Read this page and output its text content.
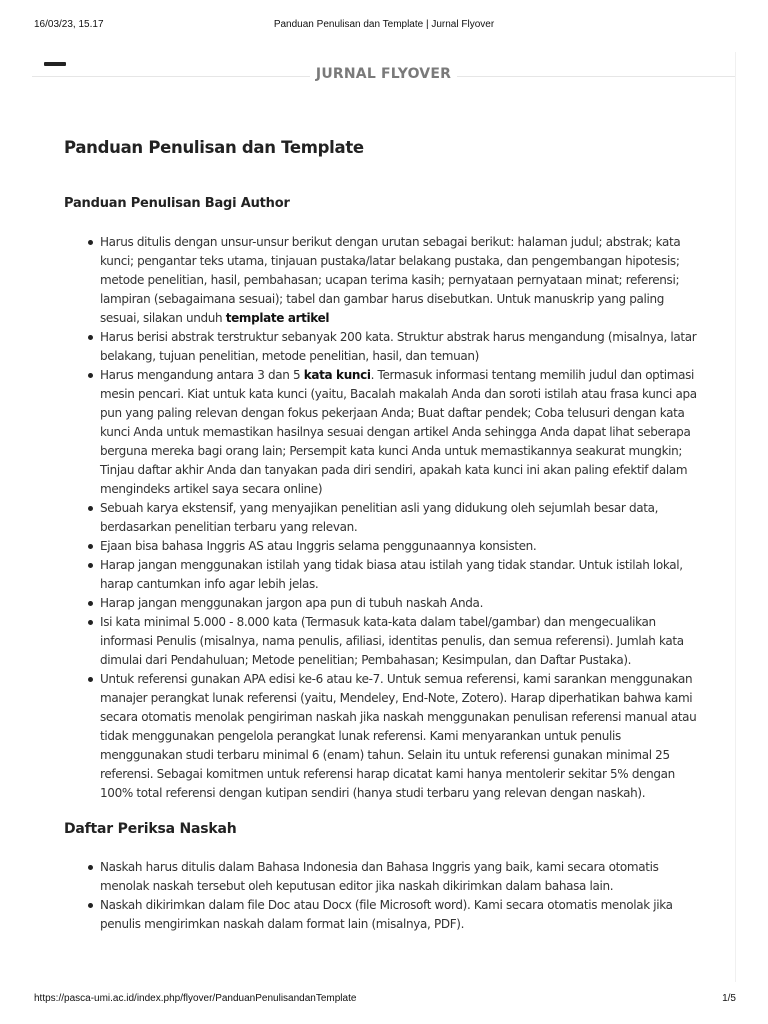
16/03/23, 15.17	Panduan Penulisan dan Template | Jurnal Flyover
JURNAL FLYOVER
Panduan Penulisan dan Template
Panduan Penulisan Bagi Author
Harus ditulis dengan unsur-unsur berikut dengan urutan sebagai berikut: halaman judul; abstrak; kata kunci; pengantar teks utama, tinjauan pustaka/latar belakang pustaka, dan pengembangan hipotesis; metode penelitian, hasil, pembahasan; ucapan terima kasih; pernyataan pernyataan minat; referensi; lampiran (sebagaimana sesuai); tabel dan gambar harus disebutkan. Untuk manuskrip yang paling sesuai, silakan unduh template artikel
Harus berisi abstrak terstruktur sebanyak 200 kata. Struktur abstrak harus mengandung (misalnya, latar belakang, tujuan penelitian, metode penelitian, hasil, dan temuan)
Harus mengandung antara 3 dan 5 kata kunci. Termasuk informasi tentang memilih judul dan optimasi mesin pencari. Kiat untuk kata kunci (yaitu, Bacalah makalah Anda dan soroti istilah atau frasa kunci apa pun yang paling relevan dengan fokus pekerjaan Anda; Buat daftar pendek; Coba telusuri dengan kata kunci Anda untuk memastikan hasilnya sesuai dengan artikel Anda sehingga Anda dapat lihat seberapa berguna mereka bagi orang lain; Persempit kata kunci Anda untuk memastikannya seakurat mungkin; Tinjau daftar akhir Anda dan tanyakan pada diri sendiri, apakah kata kunci ini akan paling efektif dalam mengindeks artikel saya secara online)
Sebuah karya ekstensif, yang menyajikan penelitian asli yang didukung oleh sejumlah besar data, berdasarkan penelitian terbaru yang relevan.
Ejaan bisa bahasa Inggris AS atau Inggris selama penggunaannya konsisten.
Harap jangan menggunakan istilah yang tidak biasa atau istilah yang tidak standar. Untuk istilah lokal, harap cantumkan info agar lebih jelas.
Harap jangan menggunakan jargon apa pun di tubuh naskah Anda.
Isi kata minimal 5.000 - 8.000 kata (Termasuk kata-kata dalam tabel/gambar) dan mengecualikan informasi Penulis (misalnya, nama penulis, afiliasi, identitas penulis, dan semua referensi). Jumlah kata dimulai dari Pendahuluan; Metode penelitian; Pembahasan; Kesimpulan, dan Daftar Pustaka).
Untuk referensi gunakan APA edisi ke-6 atau ke-7. Untuk semua referensi, kami sarankan menggunakan manajer perangkat lunak referensi (yaitu, Mendeley, End-Note, Zotero). Harap diperhatikan bahwa kami secara otomatis menolak pengiriman naskah jika naskah menggunakan penulisan referensi manual atau tidak menggunakan pengelola perangkat lunak referensi. Kami menyarankan untuk penulis menggunakan studi terbaru minimal 6 (enam) tahun. Selain itu untuk referensi gunakan minimal 25 referensi. Sebagai komitmen untuk referensi harap dicatat kami hanya mentolerir sekitar 5% dengan 100% total referensi dengan kutipan sendiri (hanya studi terbaru yang relevan dengan naskah).
Daftar Periksa Naskah
Naskah harus ditulis dalam Bahasa Indonesia dan Bahasa Inggris yang baik, kami secara otomatis menolak naskah tersebut oleh keputusan editor jika naskah dikirimkan dalam bahasa lain.
Naskah dikirimkan dalam file Doc atau Docx (file Microsoft word). Kami secara otomatis menolak jika penulis mengirimkan naskah dalam format lain (misalnya, PDF).
https://pasca-umi.ac.id/index.php/flyover/PanduanPenulisandanTemplate	1/5
